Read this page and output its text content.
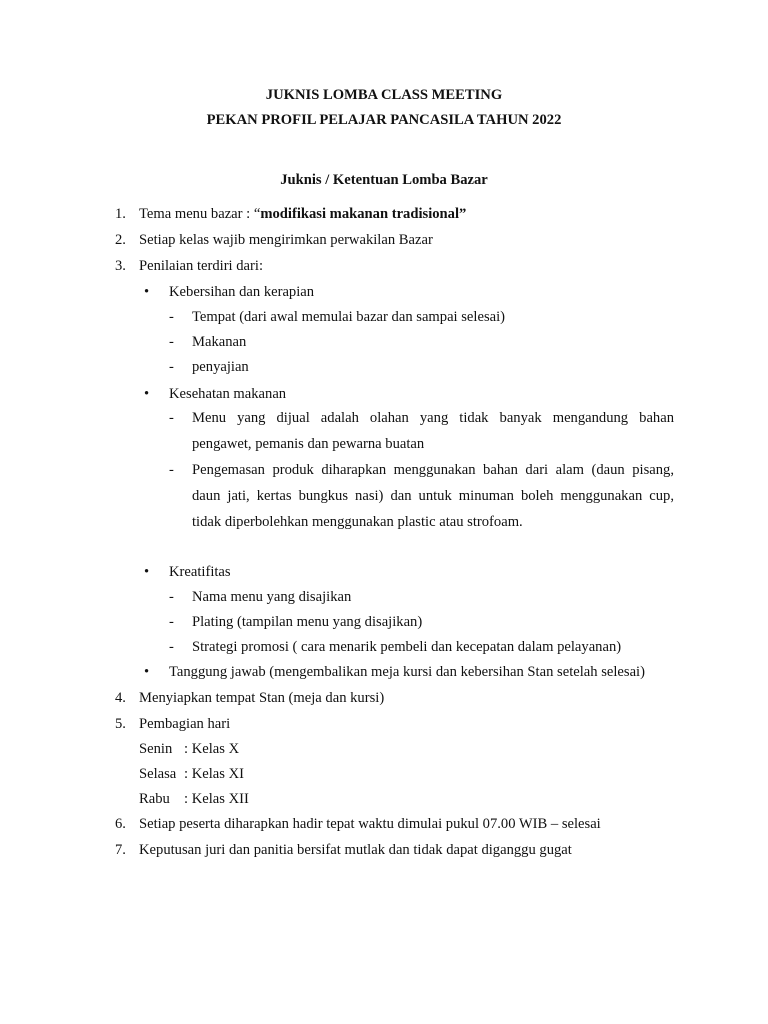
JUKNIS LOMBA CLASS MEETING
PEKAN PROFIL PELAJAR PANCASILA TAHUN 2022
Juknis / Ketentuan Lomba Bazar
1. Tema menu bazar : “modifikasi makanan tradisional”
2. Setiap kelas wajib mengirimkan perwakilan Bazar
3. Penilaian terdiri dari:
• Kebersihan dan kerapian
- Tempat (dari awal memulai bazar dan sampai selesai)
- Makanan
- penyajian
• Kesehatan makanan
- Menu yang dijual adalah olahan yang tidak banyak mengandung bahan
pengawet, pemanis dan pewarna buatan
- Pengemasan produk diharapkan menggunakan bahan dari alam (daun pisang,
daun jati, kertas bungkus nasi) dan untuk minuman boleh menggunakan cup,
tidak diperbolehkan menggunakan plastic atau strofoam.
• Kreatifitas
- Nama menu yang disajikan
- Plating (tampilan menu yang disajikan)
- Strategi promosi ( cara menarik pembeli dan kecepatan dalam pelayanan)
• Tanggung jawab (mengembalikan meja kursi dan kebersihan Stan setelah selesai)
4. Menyiapkan tempat Stan (meja dan kursi)
5. Pembagian hari
Senin : Kelas X
Selasa : Kelas XI
Rabu : Kelas XII
6. Setiap peserta diharapkan hadir tepat waktu dimulai pukul 07.00 WIB – selesai
7. Keputusan juri dan panitia bersifat mutlak dan tidak dapat diganggu gugat
